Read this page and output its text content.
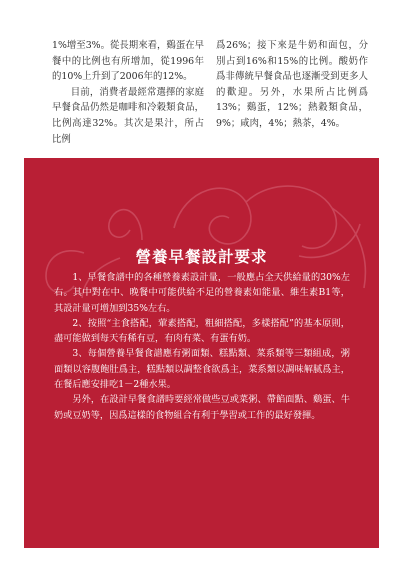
1%增至3%。從長期來看，鷄蛋在早餐中的比例也有所增加，從1996年的10%上升到了2006年的12%。

目前，消費者最經常選擇的家庭早餐食品仍然是咖啡和冷穀類食品，比例高達32%。其次是果汁，所占比例

爲26%；接下來是牛奶和面包，分別占到16%和15%的比例。酸奶作爲非傳統早餐食品也逐漸受到更多人的歡迎。另外，水果所占比例爲13%；鷄蛋，12%；熱穀類食品，9%；咸肉，4%；熱茶，4%。

營養早餐設計要求

1、早餐食譜中的各種營養素設計量，一般應占全天供給量的30%左右。其中對在中、晚餐中可能供給不足的營養素如能量、維生素B1等，其設計量可增加到35%左右。

2、按照“主食搭配，葷素搭配，粗細搭配，多樣搭配”的基本原則，盡可能做到每天有稀有豆，有肉有菜、有蛋有奶。

3、每個營養早餐食譜應有粥面類、糕點類、菜系類等三類組成，粥面類以容腹飽肚爲主，糕點類以調整食欲爲主，菜系類以調味解腻爲主，在餐后應安排吃1－2種水果。

另外，在設計早餐食譜時要經常做些豆或菜粥、帶餡面點、鷄蛋、牛奶或豆奶等，因爲這樣的食物組合有利于學習或工作的最好發揮。
